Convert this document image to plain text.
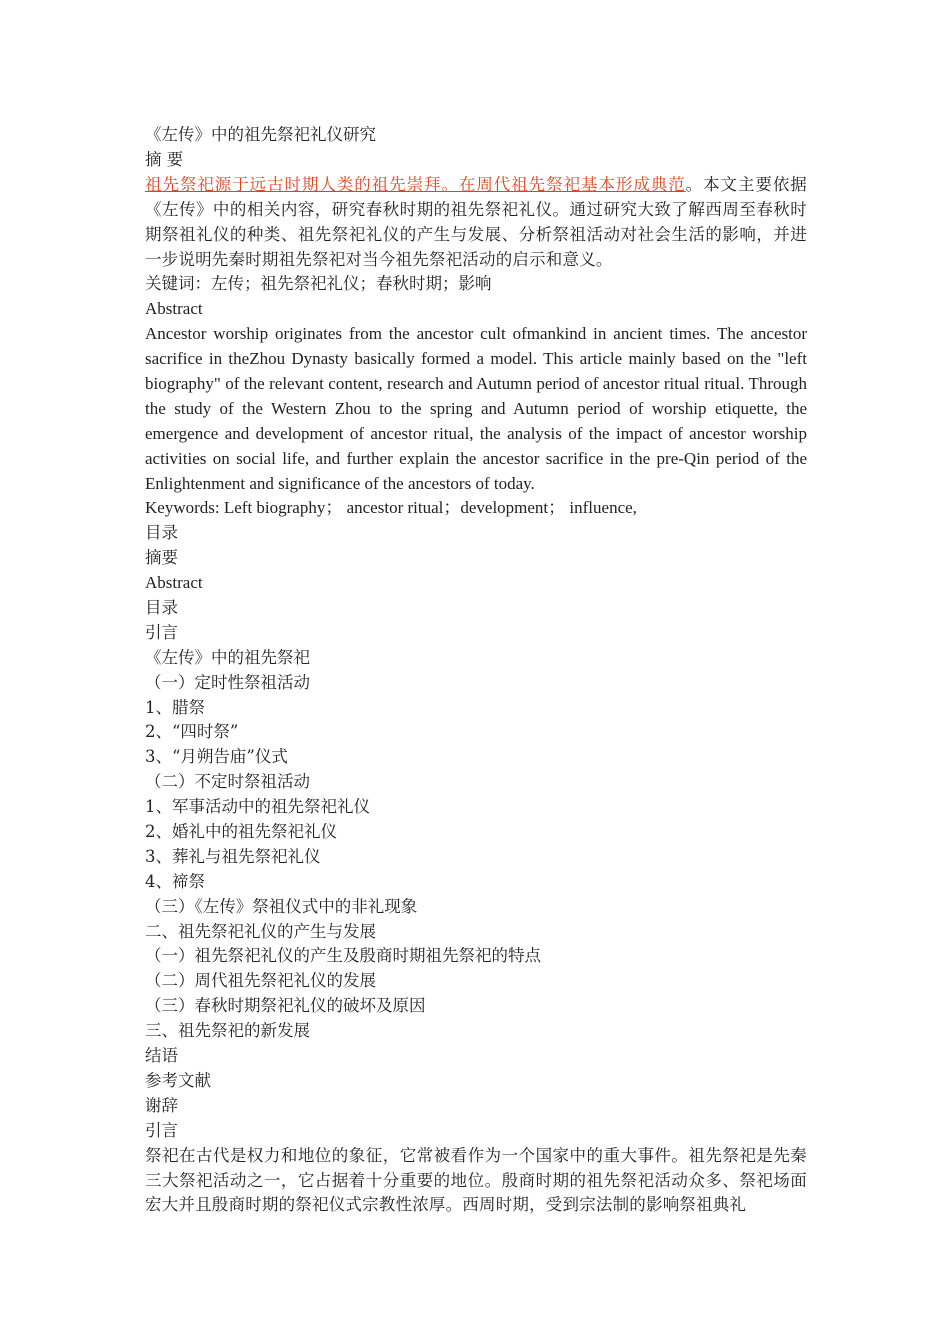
《左传》中的祖先祭祀礼仪研究
摘 要
祖先祭祀源于远古时期人类的祖先崇拜。在周代祖先祭祀基本形成典范。本文主要依据《左传》中的相关内容，研究春秋时期的祖先祭祀礼仪。通过研究大致了解西周至春秋时期祭祖礼仪的种类、祖先祭祀礼仪的产生与发展、分析祭祖活动对社会生活的影响，并进一步说明先秦时期祖先祭祀对当今祖先祭祀活动的启示和意义。
关键词：左传；祖先祭祀礼仪；春秋时期；影响
Abstract
Ancestor worship originates from the ancestor cult ofmankind in ancient times. The ancestor sacrifice in theZhou Dynasty basically formed a model. This article mainly based on the "left biography" of the relevant content, research and Autumn period of ancestor ritual ritual. Through the study of the Western Zhou to the spring and Autumn period of worship etiquette, the emergence and development of ancestor ritual, the analysis of the impact of ancestor worship activities on social life, and further explain the ancestor sacrifice in the pre-Qin period of the Enlightenment and significance of the ancestors of today.
Keywords: Left biography； ancestor ritual；development； influence,
目录
摘要
Abstract
目录
引言
《左传》中的祖先祭祀
（一）定时性祭祖活动
1、腊祭
2、“四时祭”
3、“月朔告庙”仪式
（二）不定时祭祖活动
1、军事活动中的祖先祭祀礼仪
2、婚礼中的祖先祭祀礼仪
3、葬礼与祖先祭祀礼仪
4、禘祭
（三）《左传》祭祖仪式中的非礼现象
二、祖先祭祀礼仪的产生与发展
（一）祖先祭祀礼仪的产生及殷商时期祖先祭祀的特点
（二）周代祖先祭祀礼仪的发展
（三）春秋时期祭祀礼仪的破坏及原因
三、祖先祭祀的新发展
结语
参考文献
谢辞
引言
祭祀在古代是权力和地位的象征，它常被看作为一个国家中的重大事件。祖先祭祀是先秦三大祭祀活动之一，它占据着十分重要的地位。殷商时期的祖先祭祀活动众多、祭祀场面宏大并且殷商时期的祭祀仪式宗教性浓厚。西周时期，受到宗法制的影响祭祖典礼
